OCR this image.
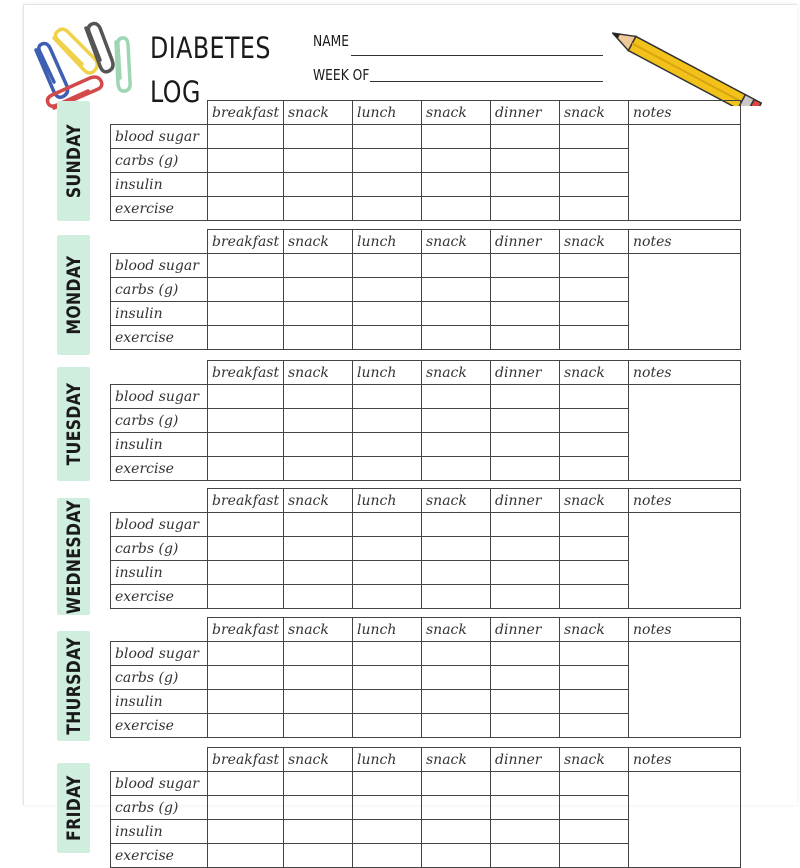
DIABETES
LOG
NAME
WEEK OF
SUNDAY
	breakfast	snack	lunch	snack	dinner	snack	notes
blood sugar							
carbs (g)							
insulin							
exercise							
MONDAY
	breakfast	snack	lunch	snack	dinner	snack	notes
blood sugar							
carbs (g)							
insulin							
exercise							
TUESDAY
	breakfast	snack	lunch	snack	dinner	snack	notes
blood sugar							
carbs (g)							
insulin							
exercise							
WEDNESDAY
		breakfast	snack	lunch	snack	dinner	snack	notes
blood sugar							
carbs (g)							
insulin							
exercise							
THURSDAY
	breakfast	snack	lunch	snack	dinner	snack	notes
blood sugar							
carbs (g)							
insulin							
exercise							
FRIDAY
	breakfast	snack	lunch	snack	dinner	snack	notes
blood sugar							
carbs (g)							
insulin							
exercise							
